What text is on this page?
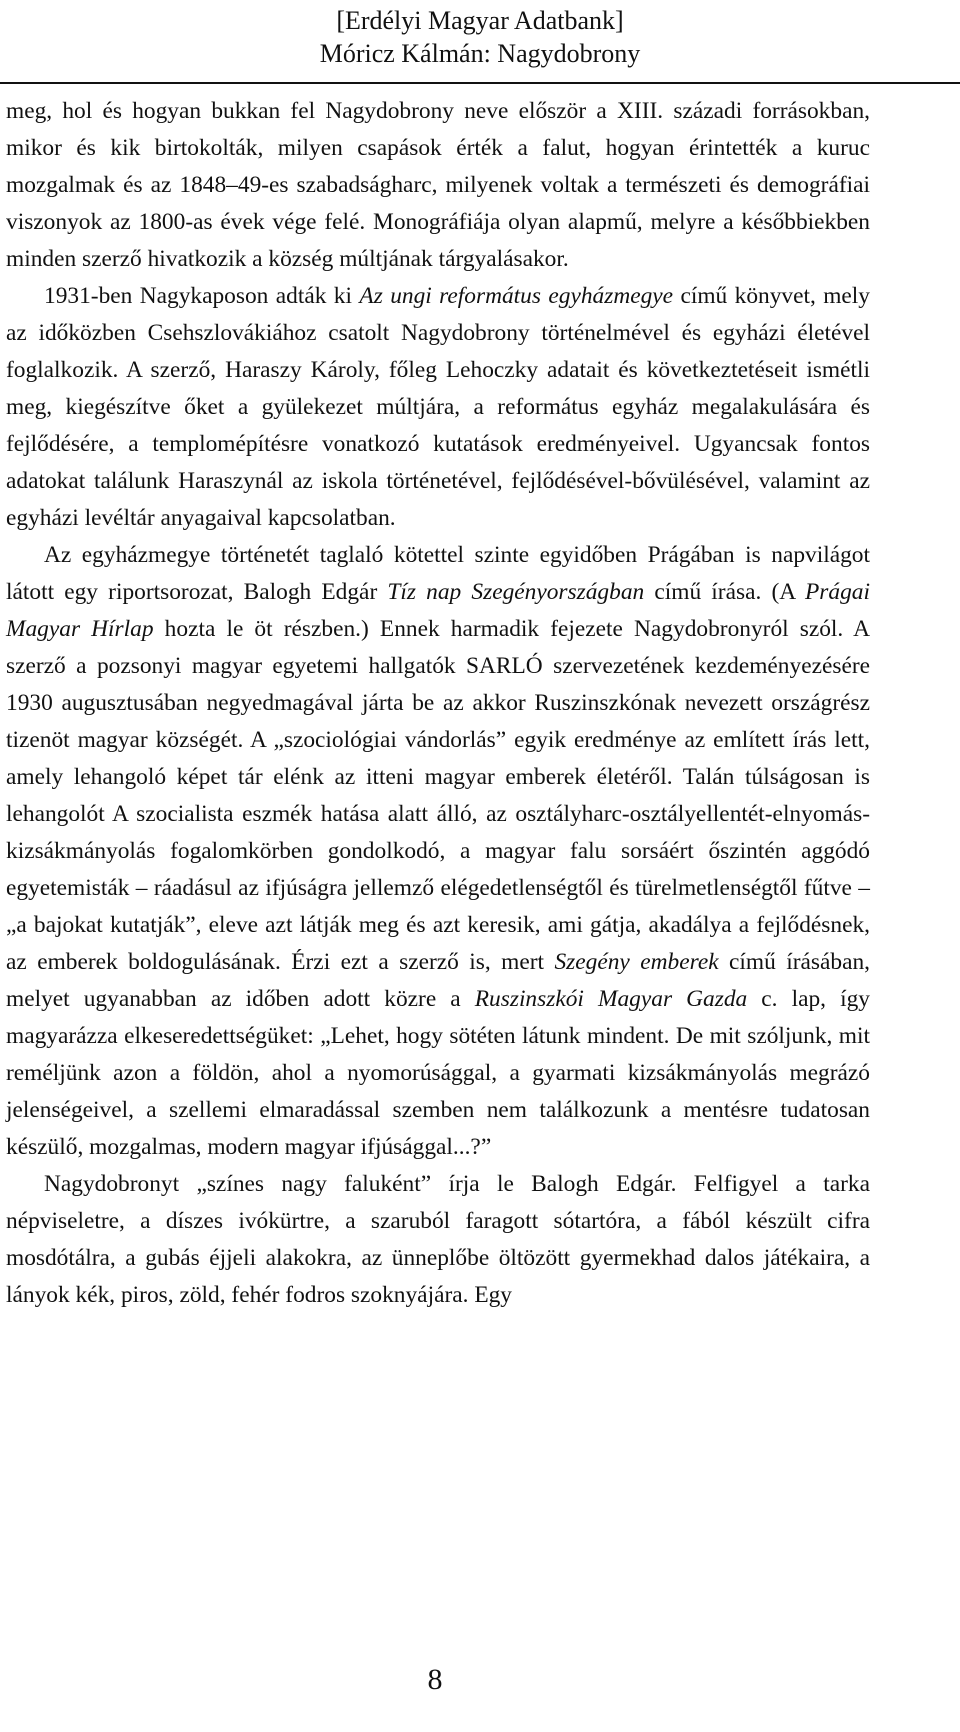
[Erdélyi Magyar Adatbank]
Móricz Kálmán: Nagydobrony

meg, hol és hogyan bukkan fel Nagydobrony neve először a XIII. századi forrásokban, mikor és kik birtokolták, milyen csapások érték a falut, hogyan érintették a kuruc mozgalmak és az 1848–49-es szabadságharc, milyenek voltak a természeti és demográfiai viszonyok az 1800-as évek vége felé. Monográfiája olyan alapmű, melyre a későbbiekben minden szerző hivatkozik a község múltjának tárgyalásakor.

1931-ben Nagykaposon adták ki Az ungi református egyházmegye című könyvet, mely az időközben Csehszlovákiához csatolt Nagydobrony történelmével és egyházi életével foglalkozik. A szerző, Haraszy Károly, főleg Lehoczky adatait és következtetéseit ismétli meg, kiegészítve őket a gyülekezet múltjára, a református egyház megalakulására és fejlődésére, a templomépítésre vonatkozó kutatások eredményeivel. Ugyancsak fontos adatokat találunk Haraszynál az iskola történetével, fejlődésével-bővülésével, valamint az egyházi levéltár anyagaival kapcsolatban.

Az egyházmegye történetét taglaló kötettel szinte egyidőben Prágában is napvilágot látott egy riportsorozat, Balogh Edgár Tíz nap Szegényországban című írása. (A Prágai Magyar Hírlap hozta le öt részben.) Ennek harmadik fejezete Nagydobronyról szól. A szerző a pozsonyi magyar egyetemi hallgatók SARLÓ szervezetének kezdeményezésére 1930 augusztusában negyedmagával járta be az akkor Ruszinszkónak nevezett országrész tizenöt magyar községét. A „szociológiai vándorlás” egyik eredménye az említett írás lett, amely lehangoló képet tár elénk az itteni magyar emberek életéről. Talán túlságosan is lehangolót A szocialista eszmék hatása alatt álló, az osztályharc-osztályellentét-elnyomás-kizsákmányolás fogalomkörben gondolkodó, a magyar falu sorsáért őszintén aggódó egyetemisták – ráadásul az ifjúságra jellemző elégedetlenségtől és türelmetlenségtől fűtve – „a bajokat kutatják”, eleve azt látják meg és azt keresik, ami gátja, akadálya a fejlődésnek, az emberek boldogulásának. Érzi ezt a szerző is, mert Szegény emberek című írásában, melyet ugyanabban az időben adott közre a Ruszinszkói Magyar Gazda c. lap, így magyarázza elkeseredettségüket: „Lehet, hogy sötéten látunk mindent. De mit szóljunk, mit reméljünk azon a földön, ahol a nyomorúsággal, a gyarmati kizsákmányolás megrázó jelenségeivel, a szellemi elmaradással szemben nem találkozunk a mentésre tudatosan készülő, mozgalmas, modern magyar ifjúsággal...?”

Nagydobronyt „színes nagy faluként” írja le Balogh Edgár. Felfigyel a tarka népviseletre, a díszes ivókürtre, a szaruból faragott sótartóra, a fából készült cifra mosdótálra, a gubás éjjeli alakokra, az ünneplőbe öltözött gyermekhad dalos játékaira, a lányok kék, piros, zöld, fehér fodros szoknyájára. Egy

8
